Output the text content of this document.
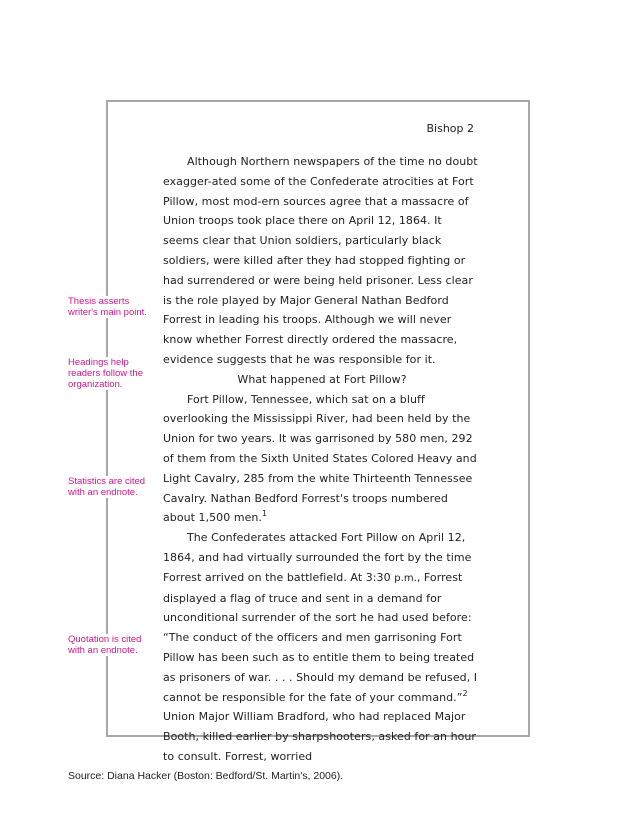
Bishop 2

Although Northern newspapers of the time no doubt exagger-ated some of the Confederate atrocities at Fort Pillow, most mod-ern sources agree that a massacre of Union troops took place there on April 12, 1864. It seems clear that Union soldiers, particularly black soldiers, were killed after they had stopped fighting or had surrendered or were being held prisoner. Less clear is the role played by Major General Nathan Bedford Forrest in leading his troops. Although we will never know whether Forrest directly ordered the massacre, evidence suggests that he was responsible for it.

What happened at Fort Pillow?

Fort Pillow, Tennessee, which sat on a bluff overlooking the Mississippi River, had been held by the Union for two years. It was garrisoned by 580 men, 292 of them from the Sixth United States Colored Heavy and Light Cavalry, 285 from the white Thirteenth Tennessee Cavalry. Nathan Bedford Forrest's troops numbered about 1,500 men.$^1$

The Confederates attacked Fort Pillow on April 12, 1864, and had virtually surrounded the fort by the time Forrest arrived on the battlefield. At 3:30 p.m., Forrest displayed a flag of truce and sent in a demand for unconditional surrender of the sort he had used before: “The conduct of the officers and men garrisoning Fort Pillow has been such as to entitle them to being treated as prisoners of war. . . . Should my demand be refused, I cannot be responsible for the fate of your command.”$^2$ Union Major William Bradford, who had replaced Major Booth, killed earlier by sharpshooters, asked for an hour to consult. Forrest, worried

Thesis asserts
writer's main point.
Headings help
readers follow the
organization.
Statistics are cited
with an endnote.
Quotation is cited
with an endnote.
Source: Diana Hacker (Boston: Bedford/St. Martin's, 2006).
